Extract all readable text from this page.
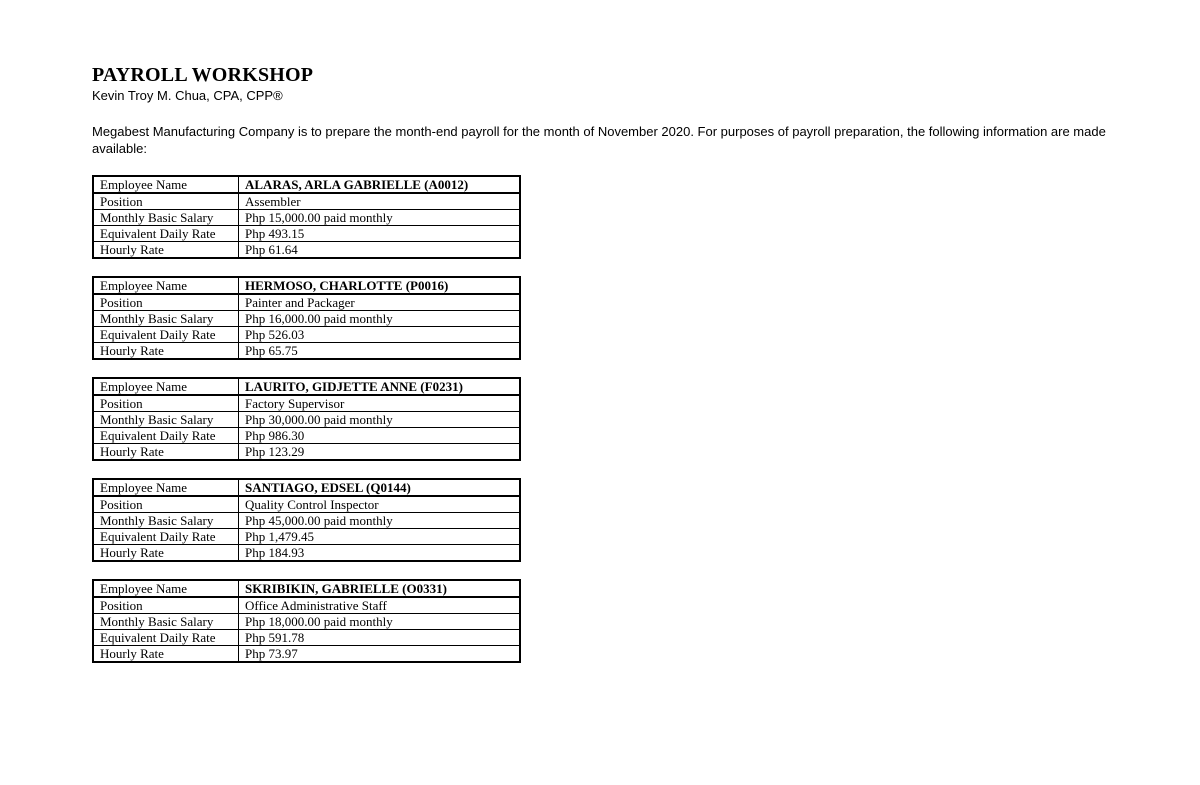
PAYROLL WORKSHOP

Kevin Troy M. Chua, CPA, CPP®

Megabest Manufacturing Company is to prepare the month-end payroll for the month of November 2020. For purposes of payroll preparation, the following information are made available:

Employee Name	ALARAS, ARLA GABRIELLE (A0012)
Position	Assembler
Monthly Basic Salary	Php 15,000.00 paid monthly
Equivalent Daily Rate	Php 493.15
Hourly Rate	Php 61.64
Employee Name	HERMOSO, CHARLOTTE (P0016)
Position	Painter and Packager
Monthly Basic Salary	Php 16,000.00 paid monthly
Equivalent Daily Rate	Php 526.03
Hourly Rate	Php 65.75
Employee Name	LAURITO, GIDJETTE ANNE (F0231)
Position	Factory Supervisor
Monthly Basic Salary	Php 30,000.00 paid monthly
Equivalent Daily Rate	Php 986.30
Hourly Rate	Php 123.29
Employee Name	SANTIAGO, EDSEL (Q0144)
Position	Quality Control Inspector
Monthly Basic Salary	Php 45,000.00 paid monthly
Equivalent Daily Rate	Php 1,479.45
Hourly Rate	Php 184.93
Employee Name	SKRIBIKIN, GABRIELLE (O0331)
Position	Office Administrative Staff
Monthly Basic Salary	Php 18,000.00 paid monthly
Equivalent Daily Rate	Php 591.78
Hourly Rate	Php 73.97
